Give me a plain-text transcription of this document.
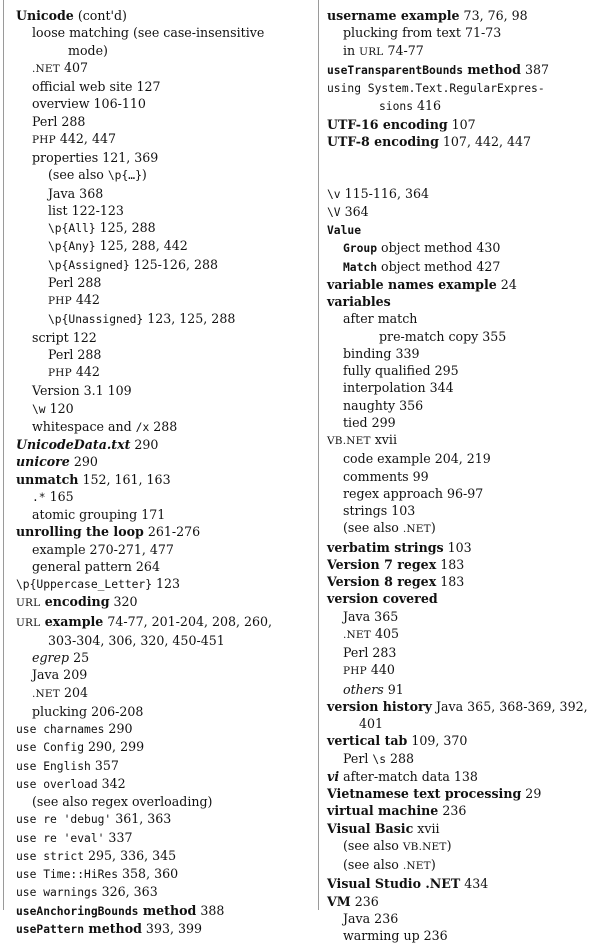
Unicode (cont'd)
loose matching (see case-insensitive
mode)
.NET 407
official web site 127
overview 106-110
Perl 288
PHP 442, 447
properties 121, 369
(see also \p{…})
Java 368
list 122-123
\p{All} 125, 288
\p{Any} 125, 288, 442
\p{Assigned} 125-126, 288
Perl 288
PHP 442
\p{Unassigned} 123, 125, 288
script 122
Perl 288
PHP 442
Version 3.1 109
\w 120
whitespace and /x 288
UnicodeData.txt 290
unicore 290
unmatch 152, 161, 163
.* 165
atomic grouping 171
unrolling the loop 261-276
example 270-271, 477
general pattern 264
\p{Uppercase_Letter} 123
URL encoding 320
URL example 74-77, 201-204, 208, 260,
303-304, 306, 320, 450-451
egrep 25
Java 209
.NET 204
plucking 206-208
use charnames 290
use Config 290, 299
use English 357
use overload 342
(see also regex overloading)
use re 'debug' 361, 363
use re 'eval' 337
use strict 295, 336, 345
use Time::HiRes 358, 360
use warnings 326, 363
useAnchoringBounds method 388
usePattern method 393, 399
username example 73, 76, 98
plucking from text 71-73
in URL 74-77
useTransparentBounds method 387
using System.Text.RegularExpres-
sions 416
UTF-16 encoding 107
UTF-8 encoding 107, 442, 447
\v 115-116, 364
\V 364
Value
Group object method 430
Match object method 427
variable names example 24
variables
after match
pre-match copy 355
binding 339
fully qualified 295
interpolation 344
naughty 356
tied 299
VB.NET xvii
code example 204, 219
comments 99
regex approach 96-97
strings 103
(see also .NET)
verbatim strings 103
Version 7 regex 183
Version 8 regex 183
version covered
Java 365
.NET 405
Perl 283
PHP 440
others 91
version history Java 365, 368-369, 392,
401
vertical tab 109, 370
Perl \s 288
vi after-match data 138
Vietnamese text processing 29
virtual machine 236
Visual Basic xvii
(see also VB.NET)
(see also .NET)
Visual Studio .NET 434
VM 236
Java 236
warming up 236
